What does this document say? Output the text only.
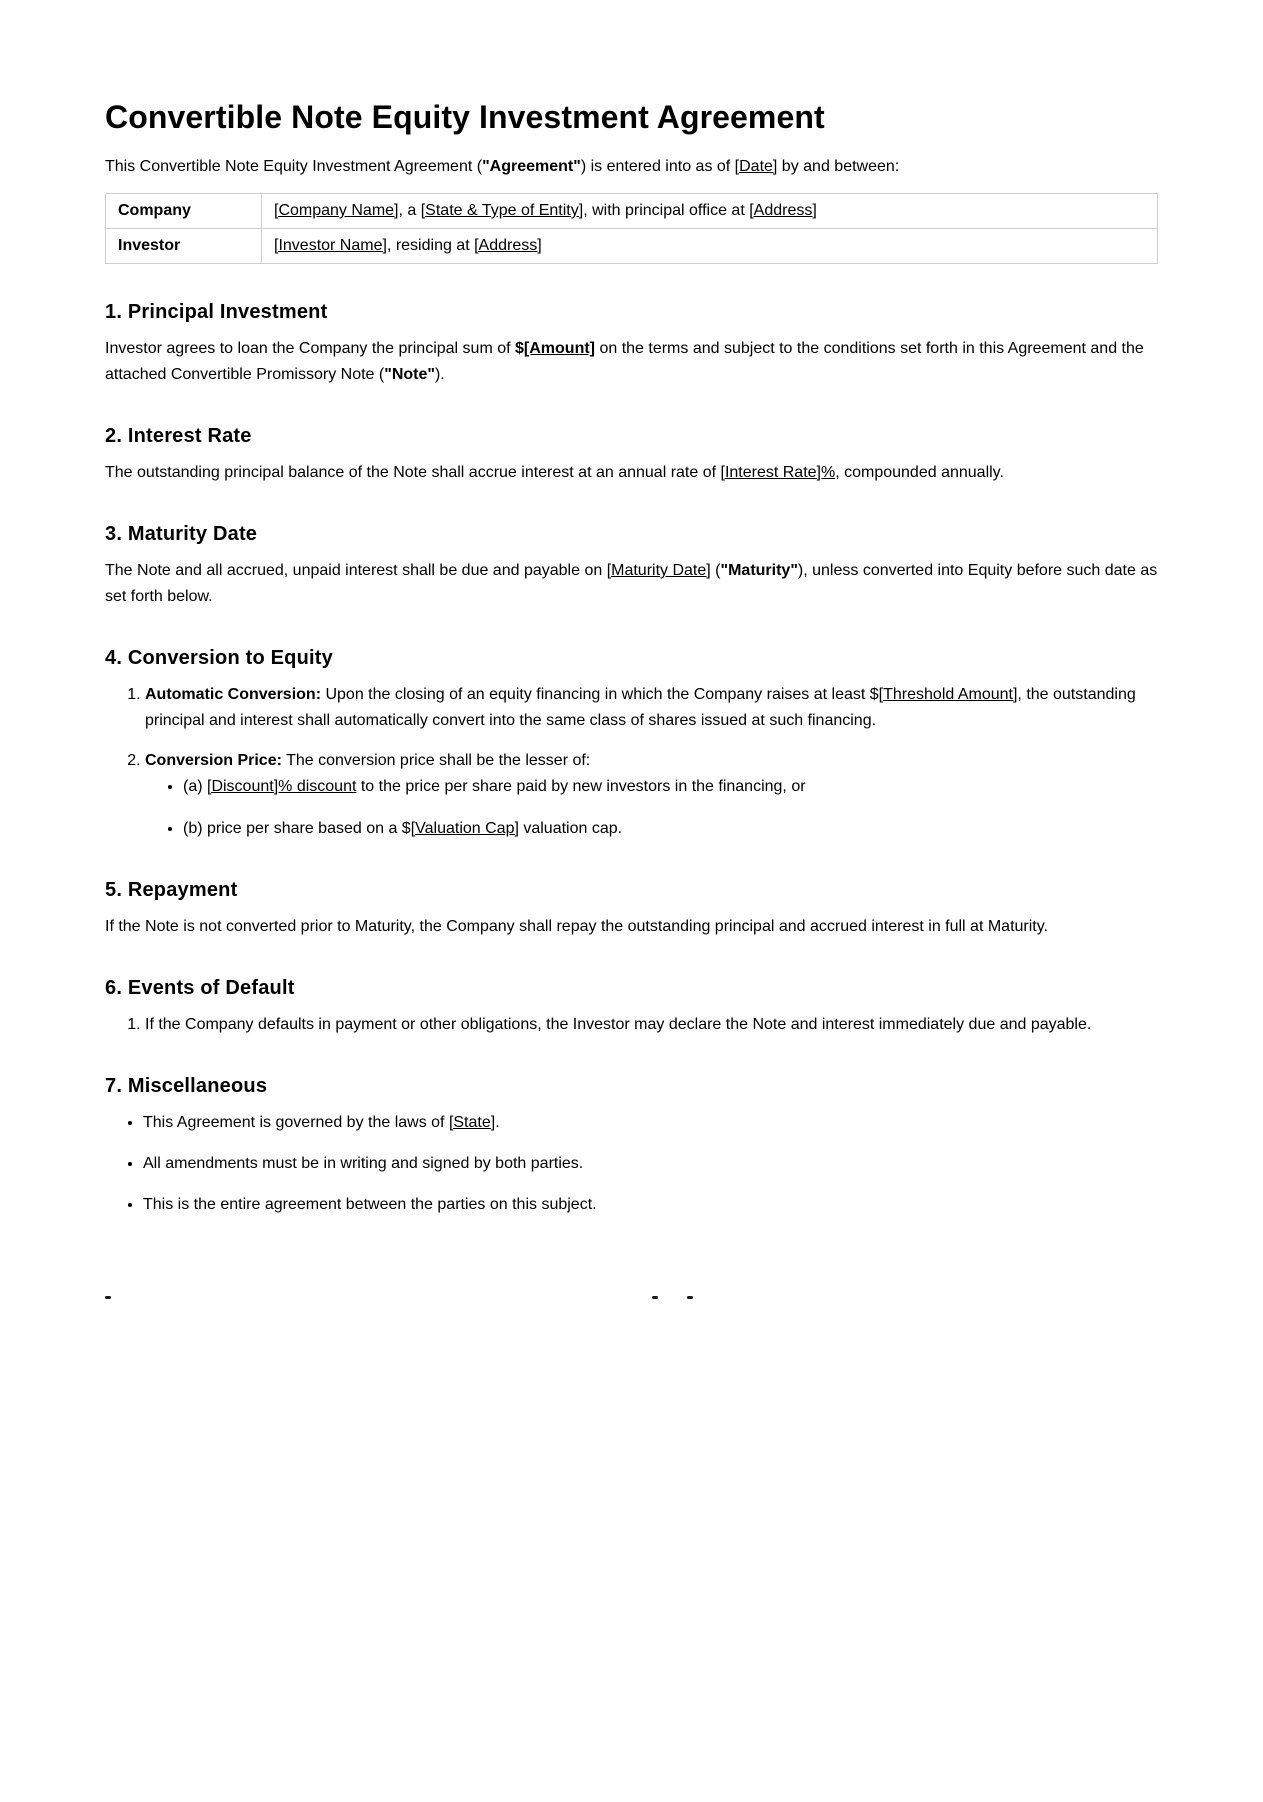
Convertible Note Equity Investment Agreement

This Convertible Note Equity Investment Agreement ("Agreement") is entered into as of [Date] by and between:

Company	[Company Name], a [State & Type of Entity], with principal office at [Address]
Investor	[Investor Name], residing at [Address]
1. Principal Investment

Investor agrees to loan the Company the principal sum of $[Amount] on the terms and subject to the conditions set forth in this Agreement and the attached Convertible Promissory Note ("Note").

2. Interest Rate

The outstanding principal balance of the Note shall accrue interest at an annual rate of [Interest Rate]%, compounded annually.

3. Maturity Date

The Note and all accrued, unpaid interest shall be due and payable on [Maturity Date] ("Maturity"), unless converted into Equity before such date as set forth below.

4. Conversion to Equity
1. Automatic Conversion: Upon the closing of an equity financing in which the Company raises at least $[Threshold Amount], the outstanding principal and interest shall automatically convert into the same class of shares issued at such financing.
2. Conversion Price: The conversion price shall be the lesser of:
• (a) [Discount]% discount to the price per share paid by new investors in the financing, or
• (b) price per share based on a $[Valuation Cap] valuation cap.
5. Repayment

If the Note is not converted prior to Maturity, the Company shall repay the outstanding principal and accrued interest in full at Maturity.

6. Events of Default
1. If the Company defaults in payment or other obligations, the Investor may declare the Note and interest immediately due and payable.
7. Miscellaneous
• This Agreement is governed by the laws of [State].
• All amendments must be in writing and signed by both parties.
• This is the entire agreement between the parties on this subject.
